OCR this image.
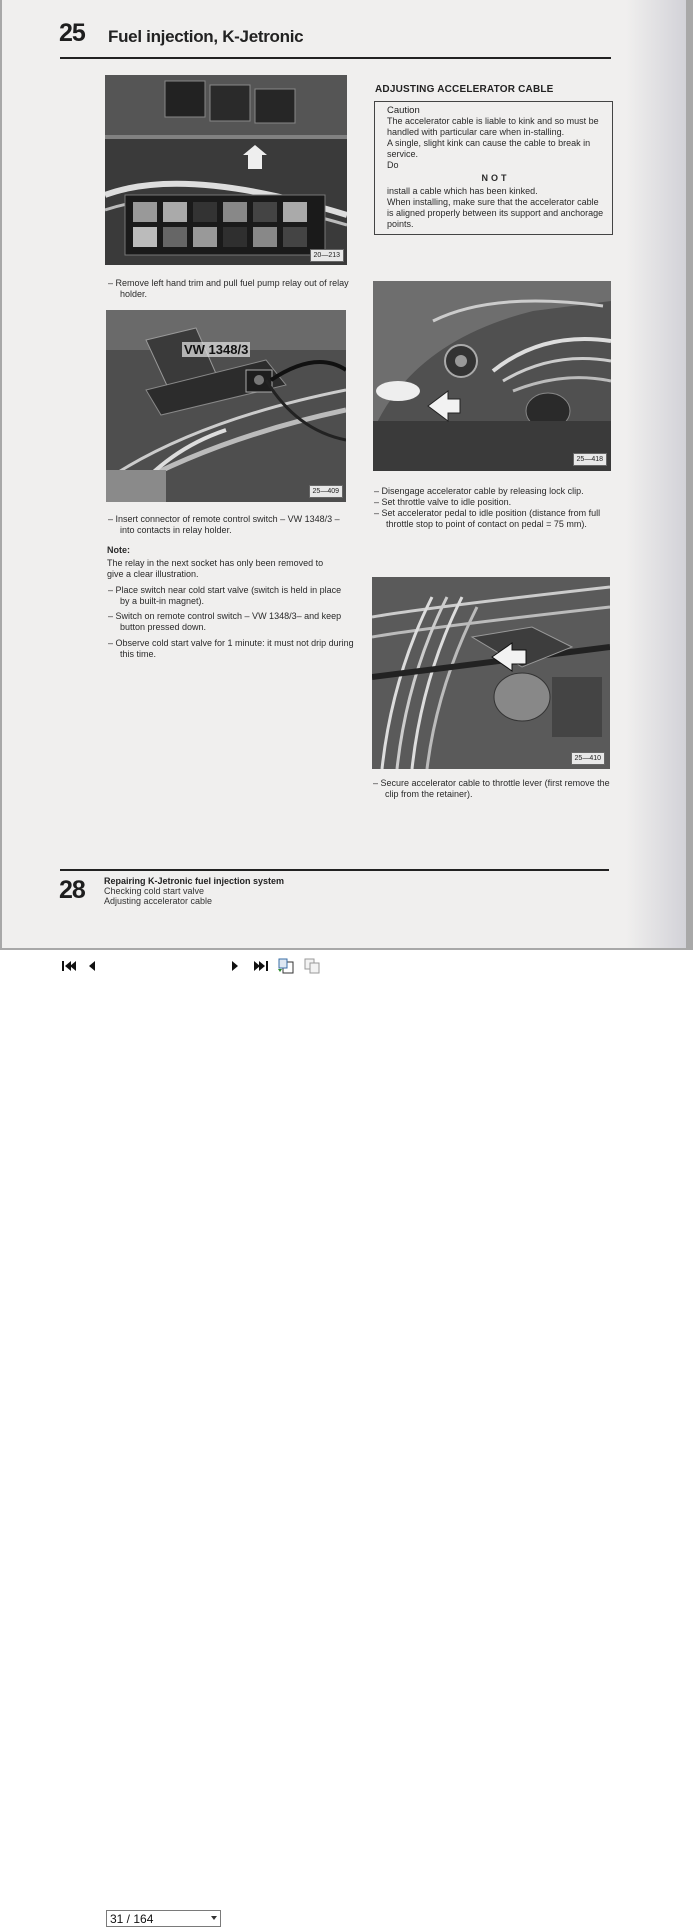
25 Fuel injection, K-Jetronic
20—213
– Remove left hand trim and pull fuel pump relay out of relay holder.
VW 1348/3
25—409
– Insert connector of remote control switch – VW 1348/3 – into contacts in relay holder.
Note:
The relay in the next socket has only been removed to give a clear illustration.
– Place switch near cold start valve (switch is held in place by a built-in magnet).
– Switch on remote control switch – VW 1348/3– and keep button pressed down.
– Observe cold start valve for 1 minute: it must not drip during this time.
ADJUSTING ACCELERATOR CABLE
Caution
The accelerator cable is liable to kink and so must be handled with particular care when in-stalling.
A single, slight kink can cause the cable to break in service.
Do
NOT
install a cable which has been kinked.
When installing, make sure that the accelerator cable is aligned properly between its support and anchorage points.
25—418
– Disengage accelerator cable by releasing lock clip.
– Set throttle valve to idle position.
– Set accelerator pedal to idle position (distance from full throttle stop to point of contact on pedal = 75 mm).
25—410
– Secure accelerator cable to throttle lever (first remove the clip from the retainer).
28 Repairing K-Jetronic fuel injection system
Checking cold start valve
Adjusting accelerator cable
31 / 164
